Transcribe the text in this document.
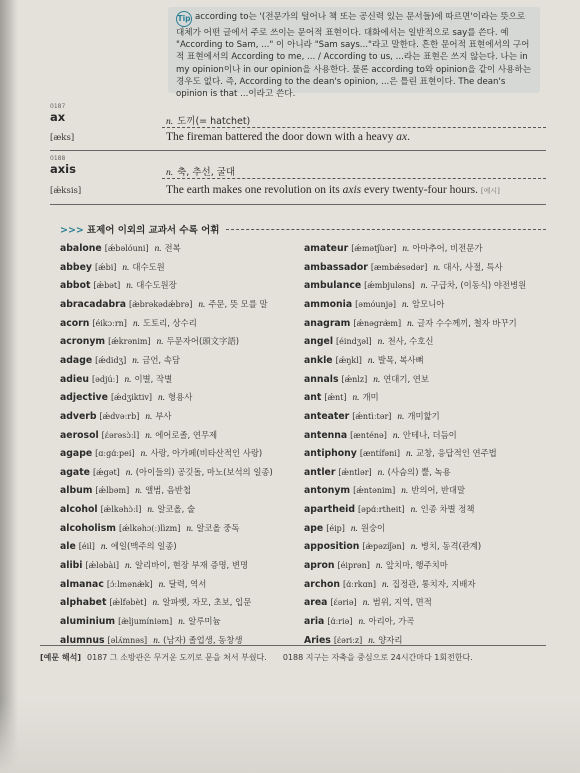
Tip according to는 '(전문가의 털어나 책 또는 공신력 있는 문서들)에 따르면'이라는 뜻으로 대체가 어떤 글에서 주로 쓰이는 문어적 표현이다. 대화에서는 일반적으로 say를 쓴다. 예 "According to Sam, ..." 이 아니라 "Sam says..."라고 말한다. 흔한 문어적 표현에서의 구어적 표현에서의 According to me, ... / According to us, ...라는 표현은 쓰지 않는다. 나는 in my opinion이나 in our opinion을 사용한다. 물론 according to와 opinion을 같이 사용하는 경우도 없다. 즉, According to the dean's opinion, ...은 틀린 표현이다. The dean's opinion is that ...이라고 쓴다.
0187
ax	n. 도끼(= hatchet)
[æks]	The fireman battered the door down with a heavy ax.
0188
axis	n. 축, 추선, 굴대
[ǽksis]	The earth makes one revolution on its axis every twenty-four hours. [예시]
>>> 표제어 이외의 교과서 수록 어휘
abalone [ǽbəlóuni] n. 전복
abbey [ǽbi] n. 대수도원
abbot [ǽbət] n. 대수도원장
abracadabra [æ̀brəkədǽbrə] n. 주문, 뜻 모를 말
acorn [éikɔːrn] n. 도토리, 상수리
acronym [ǽkrənim] n. 두문자어(頭文字語)
adage [ǽdidʒ] n. 금언, 속담
adieu [ədjúː] n. 이별, 작별
adjective [ǽdʒiktiv] n. 형용사
adverb [ǽdvəːrb] n. 부사
aerosol [ɛ́ərəsɔ̀ːl] n. 에어로졸, 연무제
agape [ɑːgɑ́ːpei] n. 사랑, 아가페(비타산적인 사랑)
agate [ǽgət] n. (아이들의) 공깃돌, 마노(보석의 일종)
album [ǽlbəm] n. 앨범, 음반첩
alcohol [ǽlkəhɔ̀ːl] n. 알코올, 술
alcoholism [ǽlkəhɔ(ː)lìzm] n. 알코올 중독
ale [éil] n. 에일(맥주의 일종)
alibi [ǽləbài] n. 알리바이, 현장 부재 증명, 변명
almanac [ɔ́ːlmənæ̀k] n. 달력, 역서
alphabet [ǽlfəbèt] n. 알파벳, 자모, 초보, 입문
aluminium [æ̀ljumíniəm] n. 알루미늄
alumnus [əlʌ́mnəs] n. (남자) 졸업생, 동창생
amateur [ǽmətʃùər] n. 아마추어, 비전문가
ambassador [æmbǽsədər] n. 대사, 사절, 특사
ambulance [ǽmbjuləns] n. 구급차, (이동식) 야전병원
ammonia [əmóunjə] n. 암모니아
anagram [ǽnəgræ̀m] n. 글자 수수께끼, 철자 바꾸기
angel [éindʒəl] n. 천사, 수호신
ankle [ǽŋkl] n. 발목, 복사뼈
annals [ǽnlz] n. 연대기, 연보
ant [ǽnt] n. 개미
anteater [ǽntìːtər] n. 개미핥기
antenna [ænténə] n. 안테나, 더듬이
antiphony [æntífəni] n. 교창, 응답적인 연주법
antler [ǽntlər] n. (사슴의) 뿔, 녹용
antonym [ǽntənim] n. 반의어, 반대말
apartheid [əpɑ́ːrtheit] n. 인종 차별 정책
ape [éip] n. 원숭이
apposition [æ̀pəzíʃən] n. 병치, 동격(관계)
apron [éiprən] n. 앞치마, 행주치마
archon [ɑ́ːrkɑn] n. 집정관, 통치자, 지배자
area [ɛ́əriə] n. 범위, 지역, 면적
aria [ɑ́ːriə] n. 아리아, 가곡
Aries [ɛ́əriːz] n. 양자리
[예문 해석] 0187 그 소방관은 무거운 도끼로 문을 쳐서 부쉈다. 0188 지구는 자축을 중심으로 24시간마다 1회전한다.
